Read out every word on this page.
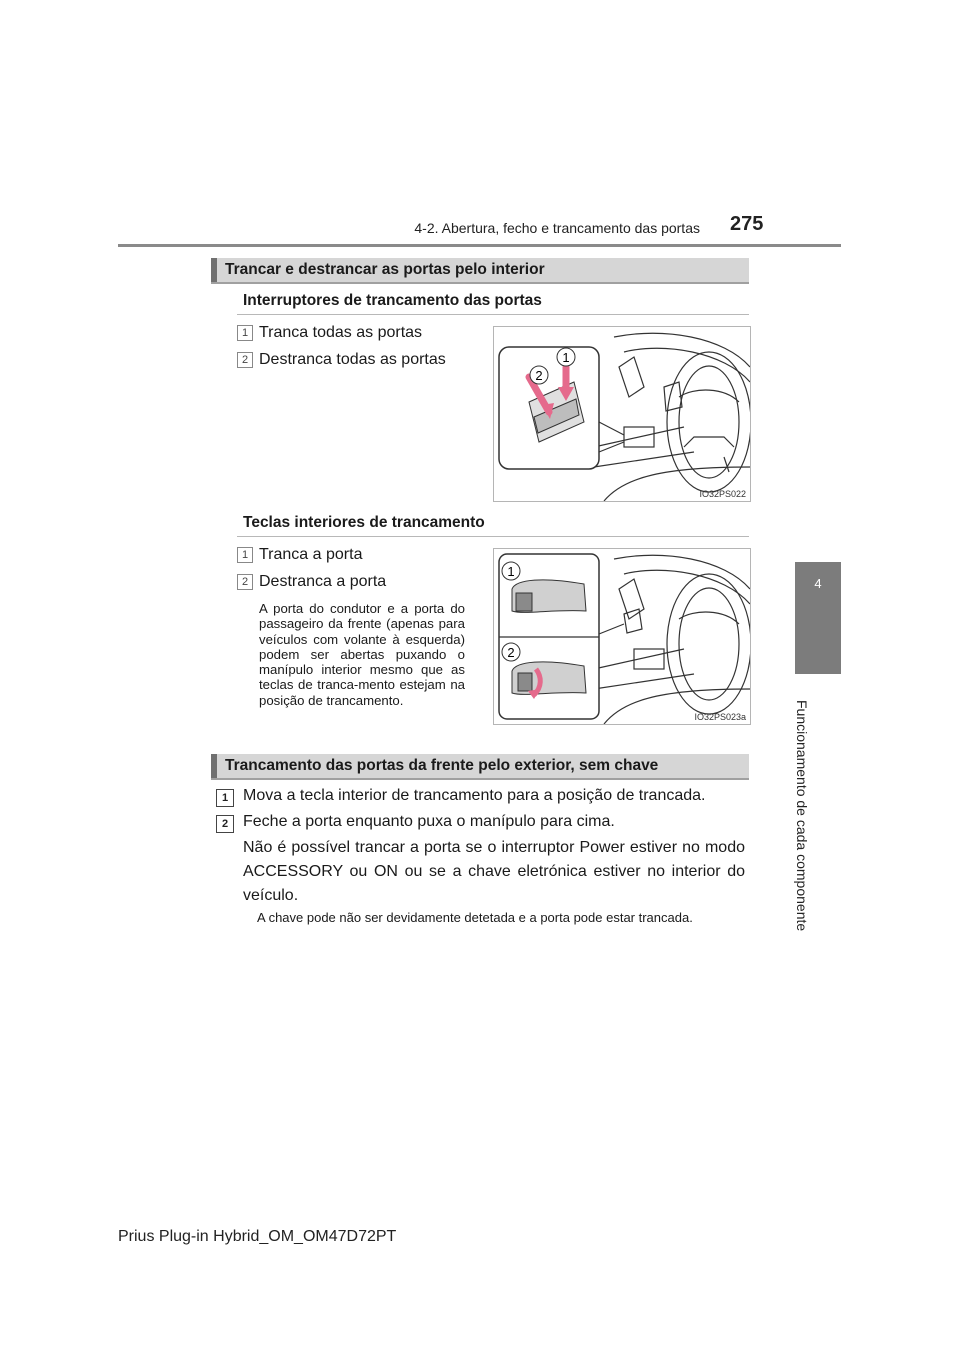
4-2. Abertura, fecho e trancamento das portas 275
4
Funcionamento de cada componente
Trancar e destrancar as portas pelo interior
Interruptores de trancamento das portas
1 Tranca todas as portas
2 Destranca todas as portas	1
2
IO32PS022
Teclas interiores de trancamento
1 Tranca a porta
2 Destranca a porta
A porta do condutor e a porta do passageiro da frente (apenas para veículos com volante à esquerda) podem ser abertas puxando o manípulo interior mesmo que as teclas de tranca-mento estejam na posição de trancamento.
1
2
IO32PS023a
Trancamento das portas da frente pelo exterior, sem chave
1 Mova a tecla interior de trancamento para a posição de trancada.
2 Feche a porta enquanto puxa o manípulo para cima.
Não é possível trancar a porta se o interruptor Power estiver no modo ACCESSORY ou ON ou se a chave eletrónica estiver no interior do veículo.
A chave pode não ser devidamente detetada e a porta pode estar trancada.
Prius Plug-in Hybrid_OM_OM47D72PT
